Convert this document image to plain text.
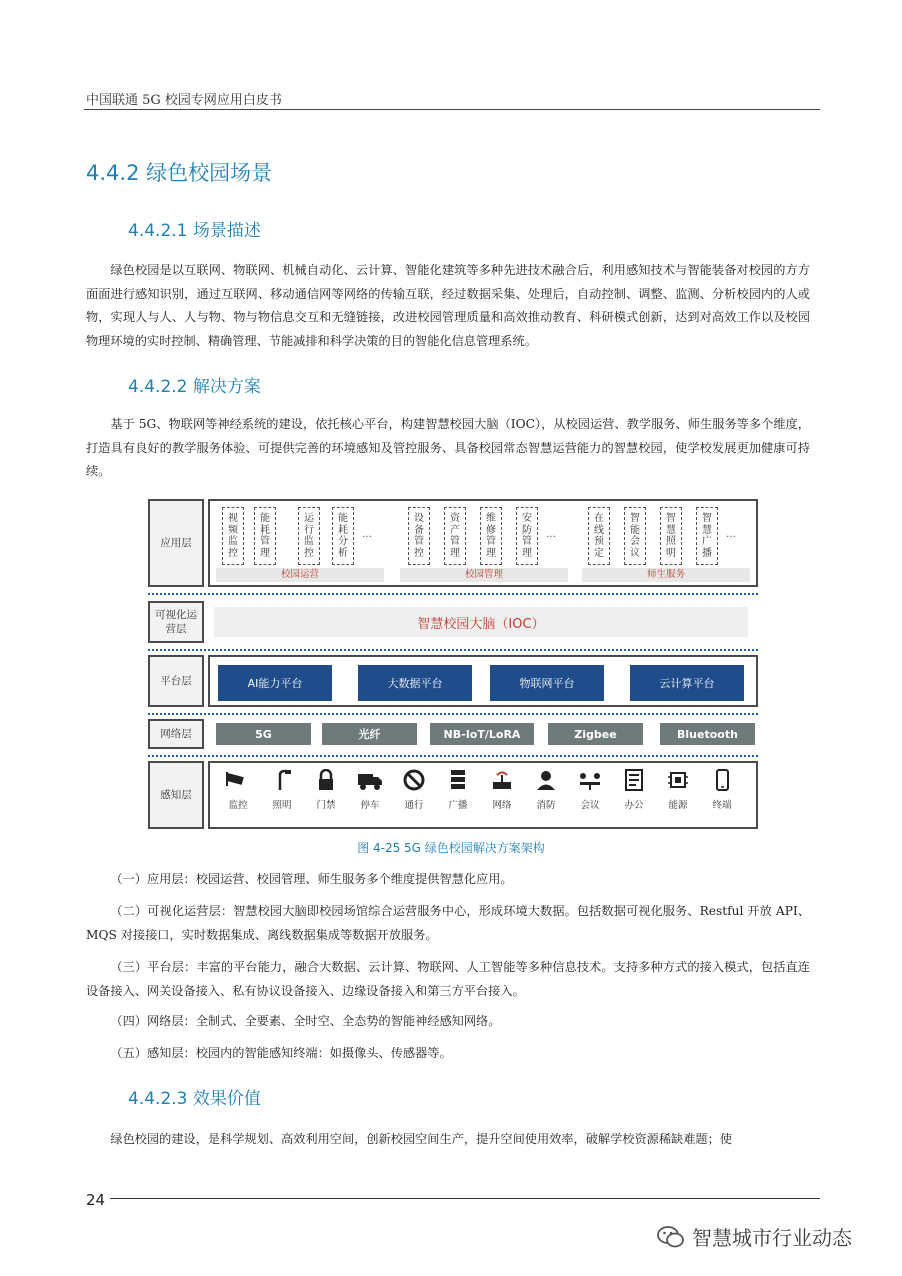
中国联通 5G 校园专网应用白皮书
4.4.2 绿色校园场景
4.4.2.1 场景描述
绿色校园是以互联网、物联网、机械自动化、云计算、智能化建筑等多种先进技术融合后，利用感知技术与智能装备对校园的方方面面进行感知识别，通过互联网、移动通信网等网络的传输互联，经过数据采集、处理后，自动控制、调整、监测、分析校园内的人或物，实现人与人、人与物、物与物信息交互和无缝链接，改进校园管理质量和高效推动教育、科研模式创新，达到对高效工作以及校园物理环境的实时控制、精确管理、节能减排和科学决策的目的智能化信息管理系统。
4.4.2.2 解决方案
基于 5G、物联网等神经系统的建设，依托核心平台，构建智慧校园大脑（IOC），从校园运营、教学服务、师生服务等多个维度，打造具有良好的教学服务体验、可提供完善的环境感知及管控服务、具备校园常态智慧运营能力的智慧校园，使学校发展更加健康可持续。
应用层
视频监控
能耗管理
运行监控
能耗分析
…
设备管控
资产管理
维修管理
安防管理
…
在线预定
智能会议
智慧照明
智慧广播
…
校园运营	校园管理	师生服务
可视化运营层	智慧校园大脑（IOC）
平台层	AI能力平台	大数据平台	物联网平台	云计算平台
网络层	5G	光纤	NB-IoT/LoRA	Zigbee	Bluetooth
感知层
监控	照明	门禁	停车	通行	广播	网络	消防	会议	办公	能源	终端
图 4-25 5G 绿色校园解决方案架构
（一）应用层：校园运营、校园管理、师生服务多个维度提供智慧化应用。
（二）可视化运营层：智慧校园大脑即校园场馆综合运营服务中心，形成环境大数据。包括数据可视化服务、Restful 开放 API、MQS 对接接口，实时数据集成、离线数据集成等数据开放服务。
（三）平台层：丰富的平台能力，融合大数据、云计算、物联网、人工智能等多种信息技术。支持多种方式的接入模式，包括直连设备接入、网关设备接入、私有协议设备接入、边缘设备接入和第三方平台接入。
（四）网络层：全制式、全要素、全时空、全态势的智能神经感知网络。
（五）感知层：校园内的智能感知终端：如摄像头、传感器等。
4.4.2.3 效果价值
绿色校园的建设，是科学规划、高效利用空间，创新校园空间生产，提升空间使用效率，破解学校资源稀缺难题；使
24
智慧城市行业动态
